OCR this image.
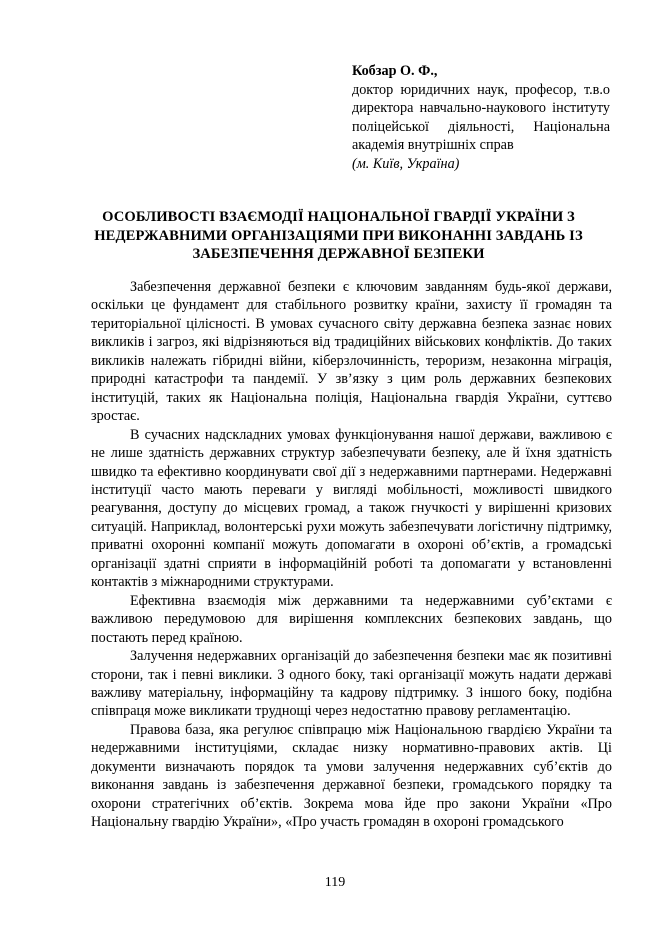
Кобзар О. Ф.,
доктор юридичних наук, професор, т.в.о директора навчально-наукового інституту поліцейської діяльності, Національна академія внутрішніх справ
(м. Київ, Україна)
ОСОБЛИВОСТІ ВЗАЄМОДІЇ НАЦІОНАЛЬНОЇ ГВАРДІЇ УКРАЇНИ З НЕДЕРЖАВНИМИ ОРГАНІЗАЦІЯМИ ПРИ ВИКОНАННІ ЗАВДАНЬ ІЗ ЗАБЕЗПЕЧЕННЯ ДЕРЖАВНОЇ БЕЗПЕКИ

Забезпечення державної безпеки є ключовим завданням будь-якої держави, оскільки це фундамент для стабільного розвитку країни, захисту її громадян та територіальної цілісності. В умовах сучасного світу державна безпека зазнає нових викликів і загроз, які відрізняються від традиційних військових конфліктів. До таких викликів належать гібридні війни, кіберзлочинність, тероризм, незаконна міграція, природні катастрофи та пандемії. У зв’язку з цим роль державних безпекових інституцій, таких як Національна поліція, Національна гвардія України, суттєво зростає.

В сучасних надскладних умовах функціонування нашої держави, важливою є не лише здатність державних структур забезпечувати безпеку, але й їхня здатність швидко та ефективно координувати свої дії з недержавними партнерами. Недержавні інституції часто мають переваги у вигляді мобільності, можливості швидкого реагування, доступу до місцевих громад, а також гнучкості у вирішенні кризових ситуацій. Наприклад, волонтерські рухи можуть забезпечувати логістичну підтримку, приватні охоронні компанії можуть допомагати в охороні об’єктів, а громадські організації здатні сприяти в інформаційній роботі та допомагати у встановленні контактів з міжнародними структурами.

Ефективна взаємодія між державними та недержавними суб’єктами є важливою передумовою для вирішення комплексних безпекових завдань, що постають перед країною.

Залучення недержавних організацій до забезпечення безпеки має як позитивні сторони, так і певні виклики. З одного боку, такі організації можуть надати державі важливу матеріальну, інформаційну та кадрову підтримку. З іншого боку, подібна співпраця може викликати труднощі через недостатню правову регламентацію.

Правова база, яка регулює співпрацю між Національною гвардією України та недержавними інституціями, складає низку нормативно-правових актів. Ці документи визначають порядок та умови залучення недержавних суб’єктів до виконання завдань із забезпечення державної безпеки, громадського порядку та охорони стратегічних об’єктів. Зокрема мова йде про закони України «Про Національну гвардію України», «Про участь громадян в охороні громадського

119
